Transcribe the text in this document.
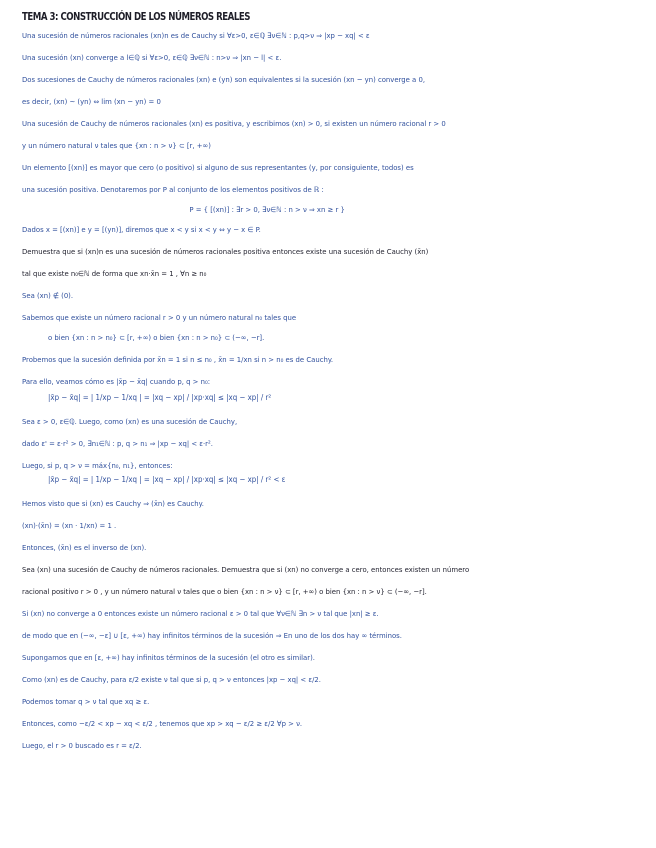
TEMA 3: CONSTRUCCIÓN DE LOS NÚMEROS REALES
Una sucesión de números racionales (xn)n es de Cauchy si ∀ε>0, ε∈ℚ ∃ν∈ℕ : p,q>ν ⇒ |xp − xq| < ε
Una sucesión (xn) converge a l∈ℚ si ∀ε>0, ε∈ℚ ∃ν∈ℕ : n>ν ⇒ |xn − l| < ε.
Dos sucesiones de Cauchy de números racionales (xn) e (yn) son equivalentes si la sucesión (xn − yn) converge a 0,
es decir, (xn) ~ (yn) ⇔ lim (xn − yn) = 0
Una sucesión de Cauchy de números racionales (xn) es positiva, y escribimos (xn) > 0, si existen un número racional r > 0
y un número natural ν tales que {xn : n > ν} ⊂ [r, +∞)
Un elemento [(xn)] es mayor que cero (o positivo) si alguno de sus representantes (y, por consiguiente, todos) es
una sucesión positiva. Denotaremos por P al conjunto de los elementos positivos de ℝ :
P = { [(xn)] : ∃r > 0, ∃ν∈ℕ : n > ν ⇒ xn ≥ r }
Dados x = [(xn)] e y = [(yn)], diremos que x < y si x < y ⇔ y − x ∈ P.
Demuestra que si (xn)n es una sucesión de números racionales positiva entonces existe una sucesión de Cauchy (x̄n)
tal que existe n₀∈ℕ de forma que xn·x̄n = 1 , ∀n ≥ n₀
Sea (xn) ∉ (0).
Sabemos que existe un número racional r > 0 y un número natural n₀ tales que
o bien {xn : n > n₀} ⊂ [r, +∞) o bien {xn : n > n₀} ⊂ (−∞, −r].
Probemos que la sucesión definida por x̄n = 1 si n ≤ n₀ , x̄n = 1/xn si n > n₀ es de Cauchy.
Para ello, veamos cómo es |x̄p − x̄q| cuando p, q > n₀:
|x̄p − x̄q| = | 1/xp − 1/xq | = |xq − xp| / |xp·xq| ≤ |xq − xp| / r²
Sea ε > 0, ε∈ℚ. Luego, como (xn) es una sucesión de Cauchy,
dado ε' = ε·r² > 0, ∃n₁∈ℕ : p, q > n₁ ⇒ |xp − xq| < ε·r².
Luego, si p, q > ν = máx{n₀, n₁}, entonces:
|x̄p − x̄q| = | 1/xp − 1/xq | = |xq − xp| / |xp·xq| ≤ |xq − xp| / r² < ε
Hemos visto que si (xn) es Cauchy ⇒ (x̄n) es Cauchy.
(xn)·(x̄n) = (xn · 1/xn) = 1 .
Entonces, (x̄n) es el inverso de (xn).
Sea (xn) una sucesión de Cauchy de números racionales. Demuestra que si (xn) no converge a cero, entonces existen un número
racional positivo r > 0 , y un número natural ν tales que o bien {xn : n > ν} ⊂ [r, +∞) o bien {xn : n > ν} ⊂ (−∞, −r].
Si (xn) no converge a 0 entonces existe un número racional ε > 0 tal que ∀ν∈ℕ ∃n > ν tal que |xn| ≥ ε.
de modo que en (−∞, −ε] ∪ [ε, +∞) hay infinitos términos de la sucesión ⇒ En uno de los dos hay ∞ términos.
Supongamos que en [ε, +∞) hay infinitos términos de la sucesión (el otro es similar).
Como (xn) es de Cauchy, para ε/2 existe ν tal que si p, q > ν entonces |xp − xq| < ε/2.
Podemos tomar q > ν tal que xq ≥ ε.
Entonces, como −ε/2 < xp − xq < ε/2 , tenemos que xp > xq − ε/2 ≥ ε/2 ∀p > ν.
Luego, el r > 0 buscado es r = ε/2.
